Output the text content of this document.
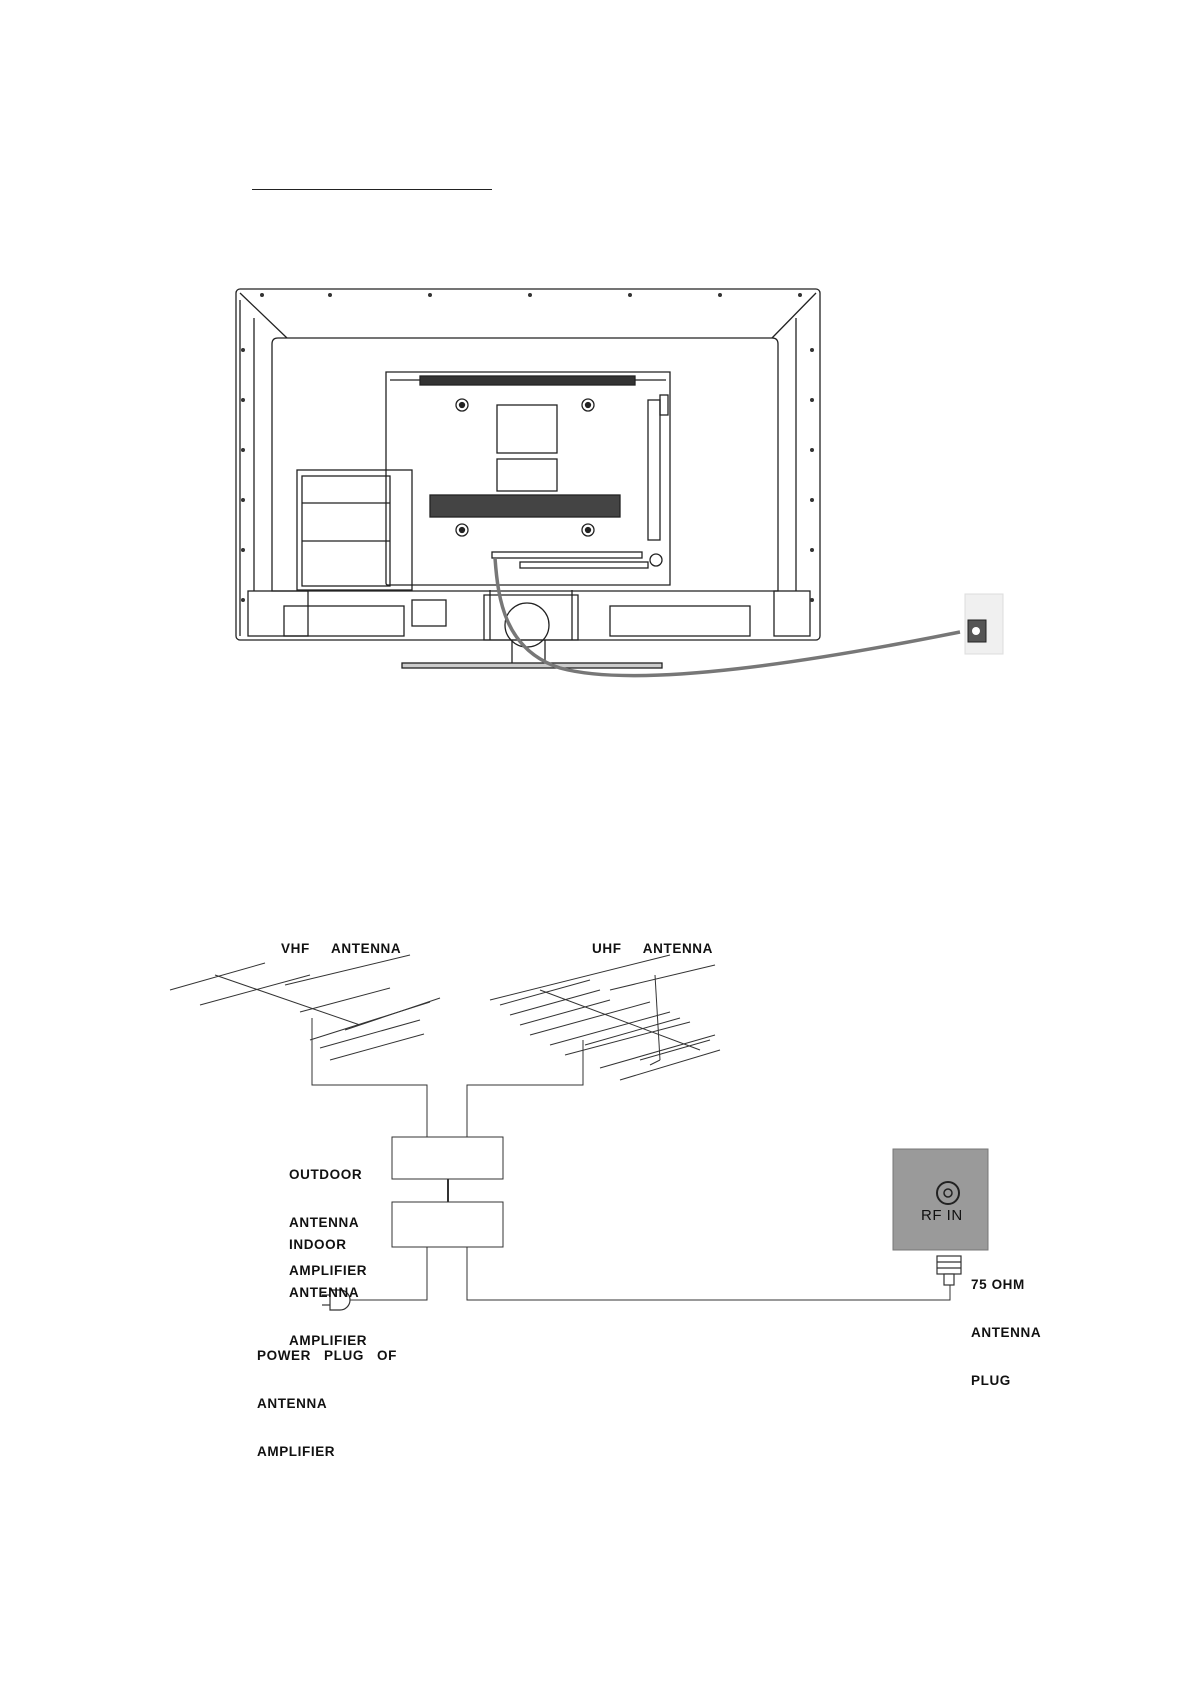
VHF     ANTENNA	UHF     ANTENNA

OUTDOOR

ANTENNA

AMPLIFIER

INDOOR

ANTENNA

AMPLIFIER

POWER   PLUG   OF

ANTENNA

AMPLIFIER

75 OHM

ANTENNA

PLUG

RF IN
